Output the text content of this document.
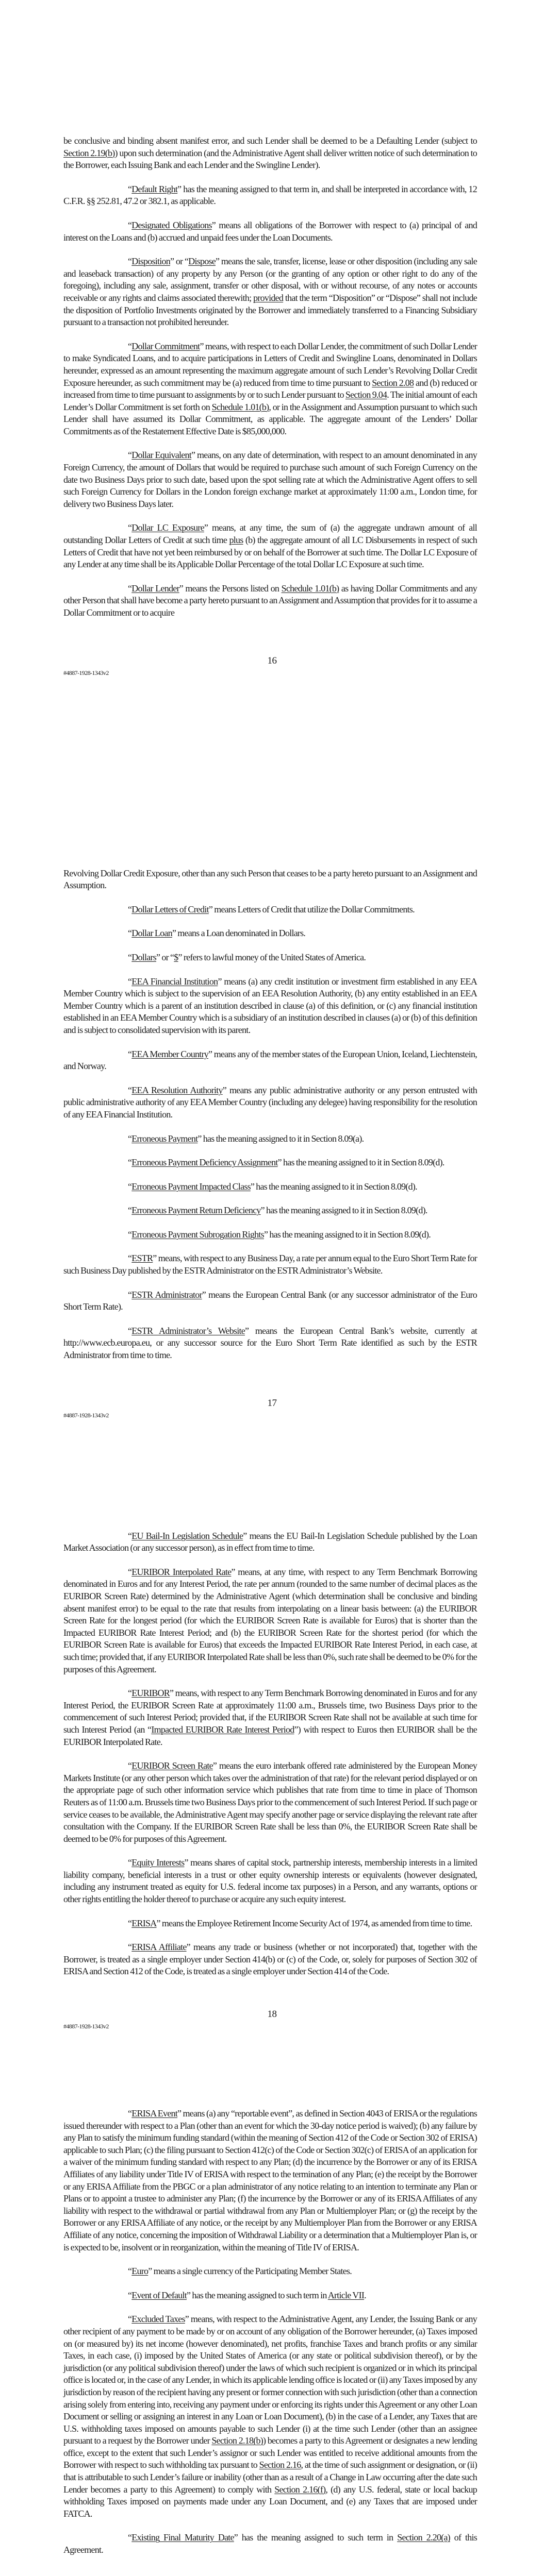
be conclusive and binding absent manifest error, and such Lender shall be deemed to be a Defaulting Lender (subject to Section 2.19(b)) upon such determination (and the Administrative Agent shall deliver written notice of such determination to the Borrower, each Issuing Bank and each Lender and the Swingline Lender).

“Default Right” has the meaning assigned to that term in, and shall be interpreted in accordance with, 12 C.F.R. §§ 252.81, 47.2 or 382.1, as applicable.

“Designated Obligations” means all obligations of the Borrower with respect to (a) principal of and interest on the Loans and (b) accrued and unpaid fees under the Loan Documents.

“Disposition” or “Dispose” means the sale, transfer, license, lease or other disposition (including any sale and leaseback transaction) of any property by any Person (or the granting of any option or other right to do any of the foregoing), including any sale, assignment, transfer or other disposal, with or without recourse, of any notes or accounts receivable or any rights and claims associated therewith; provided that the term “Disposition” or “Dispose” shall not include the disposition of Portfolio Investments originated by the Borrower and immediately transferred to a Financing Subsidiary pursuant to a transaction not prohibited hereunder.

“Dollar Commitment” means, with respect to each Dollar Lender, the commitment of such Dollar Lender to make Syndicated Loans, and to acquire participations in Letters of Credit and Swingline Loans, denominated in Dollars hereunder, expressed as an amount representing the maximum aggregate amount of such Lender’s Revolving Dollar Credit Exposure hereunder, as such commitment may be (a) reduced from time to time pursuant to Section 2.08 and (b) reduced or increased from time to time pursuant to assignments by or to such Lender pursuant to Section 9.04. The initial amount of each Lender’s Dollar Commitment is set forth on Schedule 1.01(b), or in the Assignment and Assumption pursuant to which such Lender shall have assumed its Dollar Commitment, as applicable. The aggregate amount of the Lenders’ Dollar Commitments as of the Restatement Effective Date is $85,000,000.

“Dollar Equivalent” means, on any date of determination, with respect to an amount denominated in any Foreign Currency, the amount of Dollars that would be required to purchase such amount of such Foreign Currency on the date two Business Days prior to such date, based upon the spot selling rate at which the Administrative Agent offers to sell such Foreign Currency for Dollars in the London foreign exchange market at approximately 11:00 a.m., London time, for delivery two Business Days later.

“Dollar LC Exposure” means, at any time, the sum of (a) the aggregate undrawn amount of all outstanding Dollar Letters of Credit at such time plus (b) the aggregate amount of all LC Disbursements in respect of such Letters of Credit that have not yet been reimbursed by or on behalf of the Borrower at such time. The Dollar LC Exposure of any Lender at any time shall be its Applicable Dollar Percentage of the total Dollar LC Exposure at such time.

“Dollar Lender” means the Persons listed on Schedule 1.01(b) as having Dollar Commitments and any other Person that shall have become a party hereto pursuant to an Assignment and Assumption that provides for it to assume a Dollar Commitment or to acquire

16
#4887-1928-1343v2

Revolving Dollar Credit Exposure, other than any such Person that ceases to be a party hereto pursuant to an Assignment and Assumption.

“Dollar Letters of Credit” means Letters of Credit that utilize the Dollar Commitments.

“Dollar Loan” means a Loan denominated in Dollars.

“Dollars” or “$” refers to lawful money of the United States of America.

“EEA Financial Institution” means (a) any credit institution or investment firm established in any EEA Member Country which is subject to the supervision of an EEA Resolution Authority, (b) any entity established in an EEA Member Country which is a parent of an institution described in clause (a) of this definition, or (c) any financial institution established in an EEA Member Country which is a subsidiary of an institution described in clauses (a) or (b) of this definition and is subject to consolidated supervision with its parent.

“EEA Member Country” means any of the member states of the European Union, Iceland, Liechtenstein, and Norway.

“EEA Resolution Authority” means any public administrative authority or any person entrusted with public administrative authority of any EEA Member Country (including any delegee) having responsibility for the resolution of any EEA Financial Institution.

“Erroneous Payment” has the meaning assigned to it in Section 8.09(a).

“Erroneous Payment Deficiency Assignment” has the meaning assigned to it in Section 8.09(d).

“Erroneous Payment Impacted Class” has the meaning assigned to it in Section 8.09(d).

“Erroneous Payment Return Deficiency” has the meaning assigned to it in Section 8.09(d).

“Erroneous Payment Subrogation Rights” has the meaning assigned to it in Section 8.09(d).

“ESTR” means, with respect to any Business Day, a rate per annum equal to the Euro Short Term Rate for such Business Day published by the ESTR Administrator on the ESTR Administrator’s Website.

“ESTR Administrator” means the European Central Bank (or any successor administrator of the Euro Short Term Rate).

“ESTR Administrator’s Website” means the European Central Bank’s website, currently at http://www.ecb.europa.eu, or any successor source for the Euro Short Term Rate identified as such by the ESTR Administrator from time to time.

17
#4887-1928-1343v2

“EU Bail-In Legislation Schedule” means the EU Bail-In Legislation Schedule published by the Loan Market Association (or any successor person), as in effect from time to time.

“EURIBOR Interpolated Rate” means, at any time, with respect to any Term Benchmark Borrowing denominated in Euros and for any Interest Period, the rate per annum (rounded to the same number of decimal places as the EURIBOR Screen Rate) determined by the Administrative Agent (which determination shall be conclusive and binding absent manifest error) to be equal to the rate that results from interpolating on a linear basis between: (a) the EURIBOR Screen Rate for the longest period (for which the EURIBOR Screen Rate is available for Euros) that is shorter than the Impacted EURIBOR Rate Interest Period; and (b) the EURIBOR Screen Rate for the shortest period (for which the EURIBOR Screen Rate is available for Euros) that exceeds the Impacted EURIBOR Rate Interest Period, in each case, at such time; provided that, if any EURIBOR Interpolated Rate shall be less than 0%, such rate shall be deemed to be 0% for the purposes of this Agreement.

“EURIBOR” means, with respect to any Term Benchmark Borrowing denominated in Euros and for any Interest Period, the EURIBOR Screen Rate at approximately 11:00 a.m., Brussels time, two Business Days prior to the commencement of such Interest Period; provided that, if the EURIBOR Screen Rate shall not be available at such time for such Interest Period (an “Impacted EURIBOR Rate Interest Period”) with respect to Euros then EURIBOR shall be the EURIBOR Interpolated Rate.

“EURIBOR Screen Rate” means the euro interbank offered rate administered by the European Money Markets Institute (or any other person which takes over the administration of that rate) for the relevant period displayed or on the appropriate page of such other information service which publishes that rate from time to time in place of Thomson Reuters as of 11:00 a.m. Brussels time two Business Days prior to the commencement of such Interest Period. If such page or service ceases to be available, the Administrative Agent may specify another page or service displaying the relevant rate after consultation with the Company. If the EURIBOR Screen Rate shall be less than 0%, the EURIBOR Screen Rate shall be deemed to be 0% for purposes of this Agreement.

“Equity Interests” means shares of capital stock, partnership interests, membership interests in a limited liability company, beneficial interests in a trust or other equity ownership interests or equivalents (however designated, including any instrument treated as equity for U.S. federal income tax purposes) in a Person, and any warrants, options or other rights entitling the holder thereof to purchase or acquire any such equity interest.

“ERISA” means the Employee Retirement Income Security Act of 1974, as amended from time to time.

“ERISA Affiliate” means any trade or business (whether or not incorporated) that, together with the Borrower, is treated as a single employer under Section 414(b) or (c) of the Code, or, solely for purposes of Section 302 of ERISA and Section 412 of the Code, is treated as a single employer under Section 414 of the Code.

18
#4887-1928-1343v2

“ERISA Event” means (a) any “reportable event”, as defined in Section 4043 of ERISA or the regulations issued thereunder with respect to a Plan (other than an event for which the 30-day notice period is waived); (b) any failure by any Plan to satisfy the minimum funding standard (within the meaning of Section 412 of the Code or Section 302 of ERISA) applicable to such Plan; (c) the filing pursuant to Section 412(c) of the Code or Section 302(c) of ERISA of an application for a waiver of the minimum funding standard with respect to any Plan; (d) the incurrence by the Borrower or any of its ERISA Affiliates of any liability under Title IV of ERISA with respect to the termination of any Plan; (e) the receipt by the Borrower or any ERISA Affiliate from the PBGC or a plan administrator of any notice relating to an intention to terminate any Plan or Plans or to appoint a trustee to administer any Plan; (f) the incurrence by the Borrower or any of its ERISA Affiliates of any liability with respect to the withdrawal or partial withdrawal from any Plan or Multiemployer Plan; or (g) the receipt by the Borrower or any ERISA Affiliate of any notice, or the receipt by any Multiemployer Plan from the Borrower or any ERISA Affiliate of any notice, concerning the imposition of Withdrawal Liability or a determination that a Multiemployer Plan is, or is expected to be, insolvent or in reorganization, within the meaning of Title IV of ERISA.

“Euro” means a single currency of the Participating Member States.

“Event of Default” has the meaning assigned to such term in Article VII.

“Excluded Taxes” means, with respect to the Administrative Agent, any Lender, the Issuing Bank or any other recipient of any payment to be made by or on account of any obligation of the Borrower hereunder, (a) Taxes imposed on (or measured by) its net income (however denominated), net profits, franchise Taxes and branch profits or any similar Taxes, in each case, (i) imposed by the United States of America (or any state or political subdivision thereof), or by the jurisdiction (or any political subdivision thereof) under the laws of which such recipient is organized or in which its principal office is located or, in the case of any Lender, in which its applicable lending office is located or (ii) any Taxes imposed by any jurisdiction by reason of the recipient having any present or former connection with such jurisdiction (other than a connection arising solely from entering into, receiving any payment under or enforcing its rights under this Agreement or any other Loan Document or selling or assigning an interest in any Loan or Loan Document), (b) in the case of a Lender, any Taxes that are U.S. withholding taxes imposed on amounts payable to such Lender (i) at the time such Lender (other than an assignee pursuant to a request by the Borrower under Section 2.18(b)) becomes a party to this Agreement or designates a new lending office, except to the extent that such Lender’s assignor or such Lender was entitled to receive additional amounts from the Borrower with respect to such withholding tax pursuant to Section 2.16, at the time of such assignment or designation, or (ii) that is attributable to such Lender’s failure or inability (other than as a result of a Change in Law occurring after the date such Lender becomes a party to this Agreement) to comply with Section 2.16(f), (d) any U.S. federal, state or local backup withholding Taxes imposed on payments made under any Loan Document, and (e) any Taxes that are imposed under FATCA.

“Existing Final Maturity Date” has the meaning assigned to such term in Section 2.20(a) of this Agreement.
